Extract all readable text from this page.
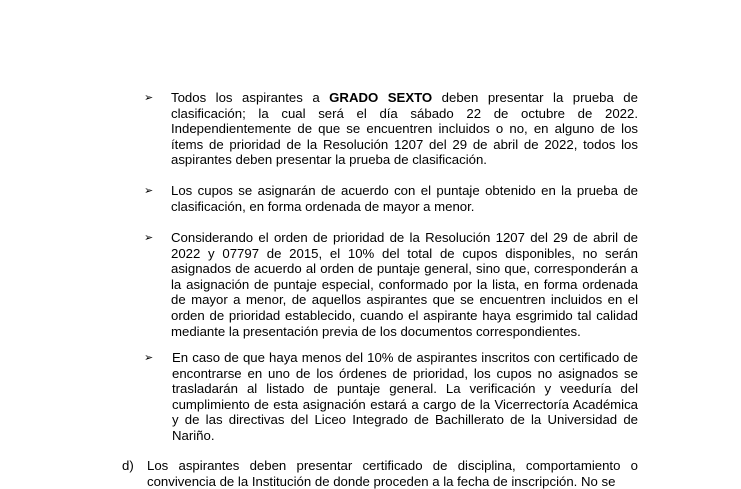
➢ Todos los aspirantes a GRADO SEXTO deben presentar la prueba de clasificación; la cual será el día sábado 22 de octubre de 2022. Independientemente de que se encuentren incluidos o no, en alguno de los ítems de prioridad de la Resolución 1207 del 29 de abril de 2022, todos los aspirantes deben presentar la prueba de clasificación.
➢ Los cupos se asignarán de acuerdo con el puntaje obtenido en la prueba de clasificación, en forma ordenada de mayor a menor.
➢ Considerando el orden de prioridad de la Resolución 1207 del 29 de abril de 2022 y 07797 de 2015, el 10% del total de cupos disponibles, no serán asignados de acuerdo al orden de puntaje general, sino que, corresponderán a la asignación de puntaje especial, conformado por la lista, en forma ordenada de mayor a menor, de aquellos aspirantes que se encuentren incluidos en el orden de prioridad establecido, cuando el aspirante haya esgrimido tal calidad mediante la presentación previa de los documentos correspondientes.
➢ En caso de que haya menos del 10% de aspirantes inscritos con certificado de encontrarse en uno de los órdenes de prioridad, los cupos no asignados se trasladarán al listado de puntaje general. La verificación y veeduría del cumplimiento de esta asignación estará a cargo de la Vicerrectoría Académica y de las directivas del Liceo Integrado de Bachillerato de la Universidad de Nariño.
d) Los aspirantes deben presentar certificado de disciplina, comportamiento o convivencia de la Institución de donde proceden a la fecha de inscripción. No se
